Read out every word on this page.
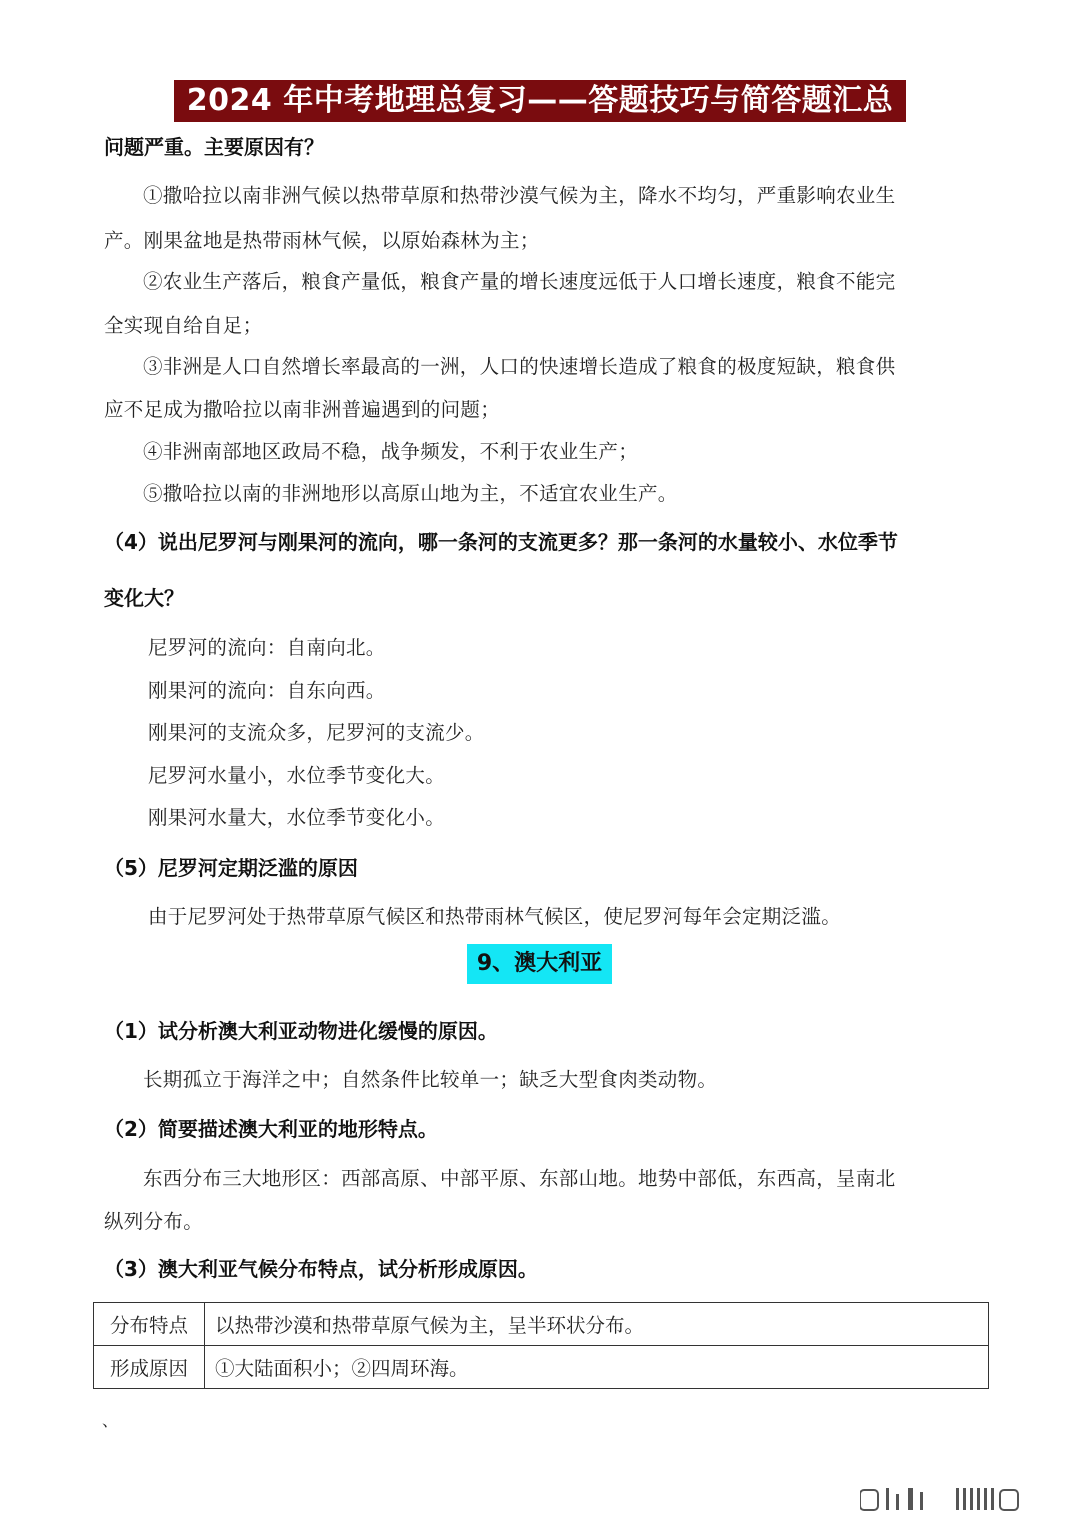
2024 年中考地理总复习——答题技巧与简答题汇总
问题严重。主要原因有？
①撒哈拉以南非洲气候以热带草原和热带沙漠气候为主，降水不均匀，严重影响农业生
产。刚果盆地是热带雨林气候，以原始森林为主；
②农业生产落后，粮食产量低，粮食产量的增长速度远低于人口增长速度，粮食不能完
全实现自给自足；
③非洲是人口自然增长率最高的一洲，人口的快速增长造成了粮食的极度短缺，粮食供
应不足成为撒哈拉以南非洲普遍遇到的问题；
④非洲南部地区政局不稳，战争频发，不利于农业生产；
⑤撒哈拉以南的非洲地形以高原山地为主，不适宜农业生产。
（4）说出尼罗河与刚果河的流向，哪一条河的支流更多？那一条河的水量较小、水位季节
变化大？
尼罗河的流向：自南向北。
刚果河的流向：自东向西。
刚果河的支流众多，尼罗河的支流少。
尼罗河水量小，水位季节变化大。
刚果河水量大，水位季节变化小。
（5）尼罗河定期泛滥的原因
由于尼罗河处于热带草原气候区和热带雨林气候区，使尼罗河每年会定期泛滥。
9、澳大利亚
（1）试分析澳大利亚动物进化缓慢的原因。
长期孤立于海洋之中；自然条件比较单一；缺乏大型食肉类动物。
（2）简要描述澳大利亚的地形特点。
东西分布三大地形区：西部高原、中部平原、东部山地。地势中部低，东西高，呈南北
纵列分布。
（3）澳大利亚气候分布特点，试分析形成原因。
分布特点	以热带沙漠和热带草原气候为主，呈半环状分布。
形成原因	①大陆面积小；②四周环海。
、
